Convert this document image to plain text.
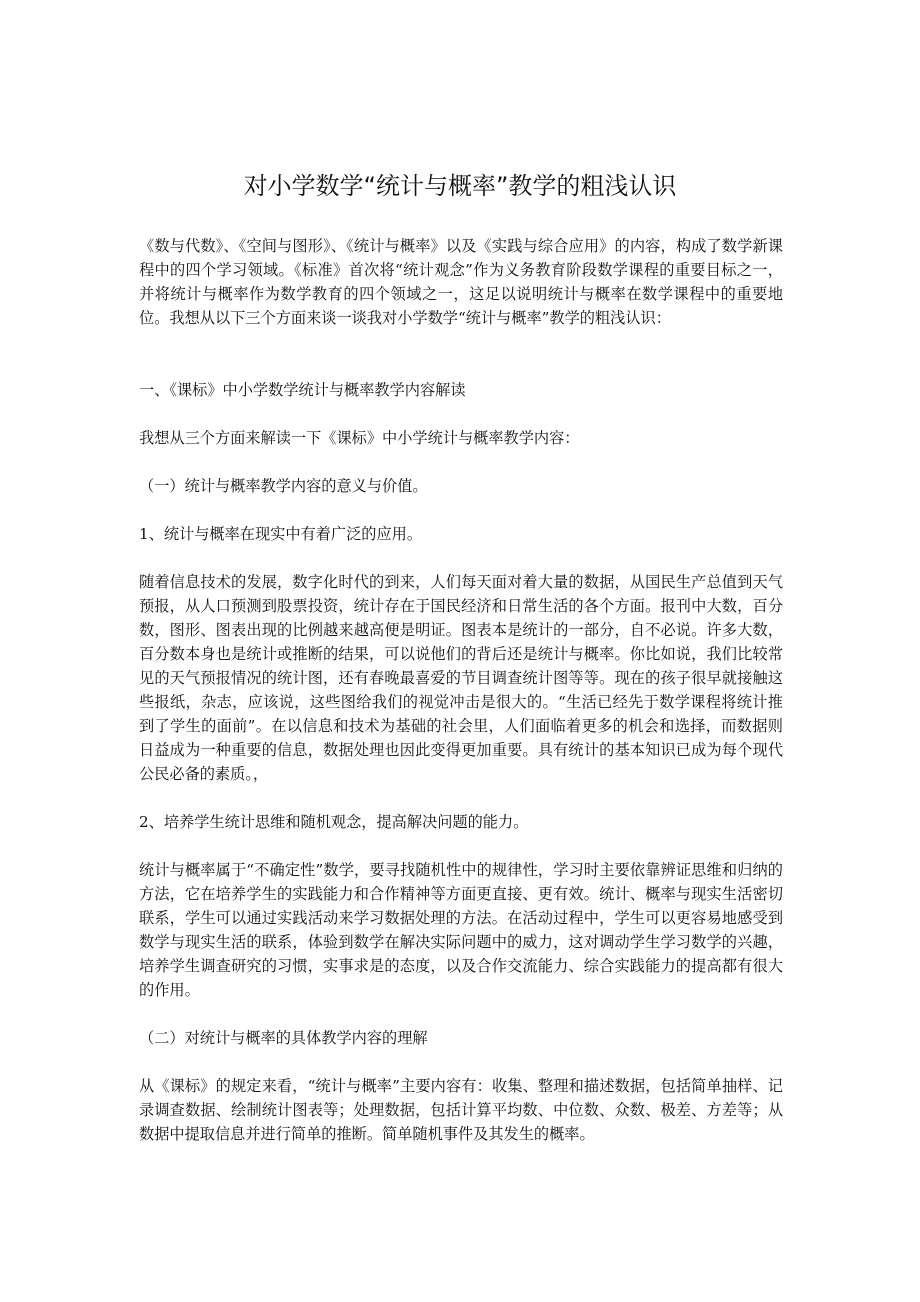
对小学数学“统计与概率”教学的粗浅认识

《数与代数》、《空间与图形》、《统计与概率》以及《实践与综合应用》的内容，构成了数学新课程中的四个学习领域。《标准》首次将“统计观念”作为义务教育阶段数学课程的重要目标之一，并将统计与概率作为数学教育的四个领域之一，这足以说明统计与概率在数学课程中的重要地位。我想从以下三个方面来谈一谈我对小学数学“统计与概率”教学的粗浅认识：

一、《课标》中小学数学统计与概率教学内容解读

我想从三个方面来解读一下《课标》中小学统计与概率教学内容：

（一）统计与概率教学内容的意义与价值。

1、统计与概率在现实中有着广泛的应用。

随着信息技术的发展，数字化时代的到来，人们每天面对着大量的数据，从国民生产总值到天气预报，从人口预测到股票投资，统计存在于国民经济和日常生活的各个方面。报刊中大数，百分数，图形、图表出现的比例越来越高便是明证。图表本是统计的一部分，自不必说。许多大数，百分数本身也是统计或推断的结果，可以说他们的背后还是统计与概率。你比如说，我们比较常见的天气预报情况的统计图，还有春晚最喜爱的节目调查统计图等等。现在的孩子很早就接触这些报纸，杂志，应该说，这些图给我们的视觉冲击是很大的。“生活已经先于数学课程将统计推到了学生的面前”。在以信息和技术为基础的社会里，人们面临着更多的机会和选择，而数据则日益成为一种重要的信息，数据处理也因此变得更加重要。具有统计的基本知识已成为每个现代公民必备的素质。，

2、培养学生统计思维和随机观念，提高解决问题的能力。

统计与概率属于“不确定性”数学，要寻找随机性中的规律性，学习时主要依靠辨证思维和归纳的方法，它在培养学生的实践能力和合作精神等方面更直接、更有效。统计、概率与现实生活密切联系，学生可以通过实践活动来学习数据处理的方法。在活动过程中，学生可以更容易地感受到数学与现实生活的联系，体验到数学在解决实际问题中的威力，这对调动学生学习数学的兴趣，培养学生调查研究的习惯，实事求是的态度，以及合作交流能力、综合实践能力的提高都有很大的作用。

（二）对统计与概率的具体教学内容的理解

从《课标》的规定来看，“统计与概率”主要内容有：收集、整理和描述数据，包括简单抽样、记录调查数据、绘制统计图表等；处理数据，包括计算平均数、中位数、众数、极差、方差等；从数据中提取信息并进行简单的推断。简单随机事件及其发生的概率。
